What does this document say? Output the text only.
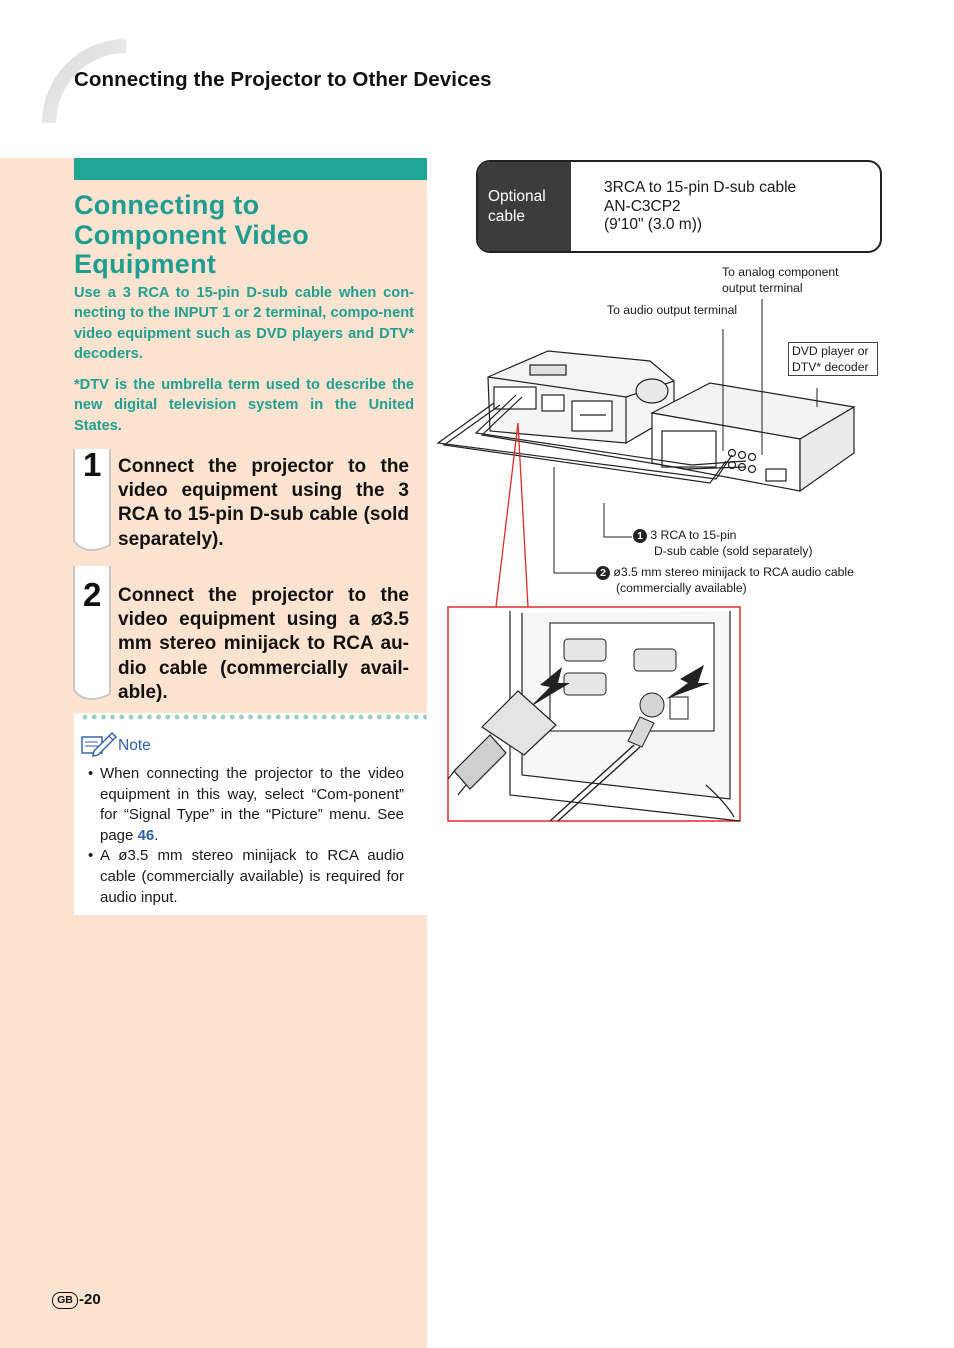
Connecting the Projector to Other Devices
Connecting to
Component Video
Equipment
Use a 3 RCA to 15-pin D-sub cable when con-necting to the INPUT 1 or 2 terminal, compo-nent video equipment such as DVD players and DTV* decoders.
*DTV is the umbrella term used to describe the new digital television system in the United States.
1 Connect the projector to the video equipment using the 3 RCA to 15-pin D-sub cable (sold separately).
2 Connect the projector to the video equipment using a ø3.5 mm stereo minijack to RCA au-dio cable (commercially avail-able).
Note
• When connecting the projector to the video equipment in this way, select “Com-ponent” for “Signal Type” in the “Picture” menu. See page 46.
• A ø3.5 mm stereo minijack to RCA audio cable (commercially available) is required for audio input.
Optional cable
3RCA to 15-pin D-sub cable
AN-C3CP2
(9'10" (3.0 m))
To analog component
output terminal
To audio output terminal
DVD player or
DTV* decoder
1 3 RCA to 15-pin
D-sub cable (sold separately)
2 ø3.5 mm stereo minijack to RCA audio cable
(commercially available)
GB -20
